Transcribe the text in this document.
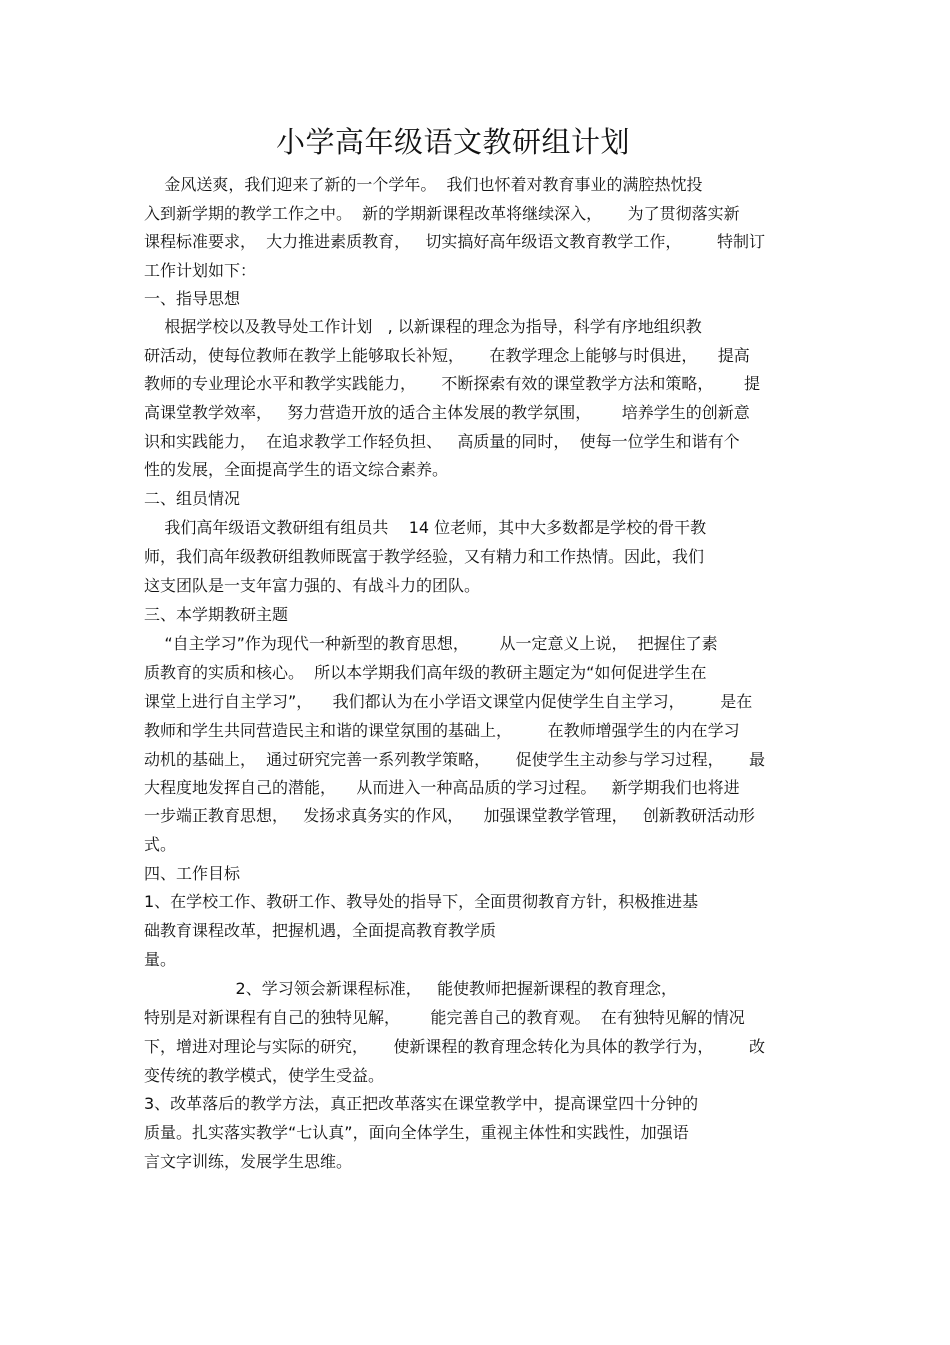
小学高年级语文教研组计划
金风送爽，我们迎来了新的一个学年。  我们也怀着对教育事业的满腔热忱投
入到新学期的教学工作之中。  新的学期新课程改革将继续深入，     为了贯彻落实新
课程标准要求，  大力推进素质教育，   切实搞好高年级语文教育教学工作，       特制订
工作计划如下：
一、指导思想
根据学校以及教导处工作计划   , 以新课程的理念为指导，科学有序地组织教
研活动，使每位教师在教学上能够取长补短，     在教学理念上能够与时俱进，    提高
教师的专业理论水平和教学实践能力，     不断探索有效的课堂教学方法和策略，      提
高课堂教学效率，   努力营造开放的适合主体发展的教学氛围，      培养学生的创新意
识和实践能力，  在追求教学工作轻负担、   高质量的同时，  使每一位学生和谐有个
性的发展，全面提高学生的语文综合素养。
二、组员情况
我们高年级语文教研组有组员共    14 位老师，其中大多数都是学校的骨干教
师，我们高年级教研组教师既富于教学经验，又有精力和工作热情。因此，我们
这支团队是一支年富力强的、有战斗力的团队。
三、本学期教研主题
“自主学习”作为现代一种新型的教育思想，      从一定意义上说，  把握住了素
质教育的实质和核心。  所以本学期我们高年级的教研主题定为“如何促进学生在
课堂上进行自主学习”，    我们都认为在小学语文课堂内促使学生自主学习，       是在
教师和学生共同营造民主和谐的课堂氛围的基础上，       在教师增强学生的内在学习
动机的基础上，  通过研究完善一系列教学策略，     促使学生主动参与学习过程，     最
大程度地发挥自己的潜能，    从而进入一种高品质的学习过程。   新学期我们也将进
一步端正教育思想，   发扬求真务实的作风，    加强课堂教学管理，   创新教研活动形
式。
四、工作目标
1、在学校工作、教研工作、教导处的指导下，全面贯彻教育方针，积极推进基
础教育课程改革，把握机遇，全面提高教育教学质
量。
2、学习领会新课程标准，   能使教师把握新课程的教育理念，
特别是对新课程有自己的独特见解，      能完善自己的教育观。  在有独特见解的情况
下，增进对理论与实际的研究，     使新课程的教育理念转化为具体的教学行为，       改
变传统的教学模式，使学生受益。
3、改革落后的教学方法，真正把改革落实在课堂教学中，提高课堂四十分钟的
质量。扎实落实教学“七认真”，面向全体学生，重视主体性和实践性，加强语
言文字训练，发展学生思维。
